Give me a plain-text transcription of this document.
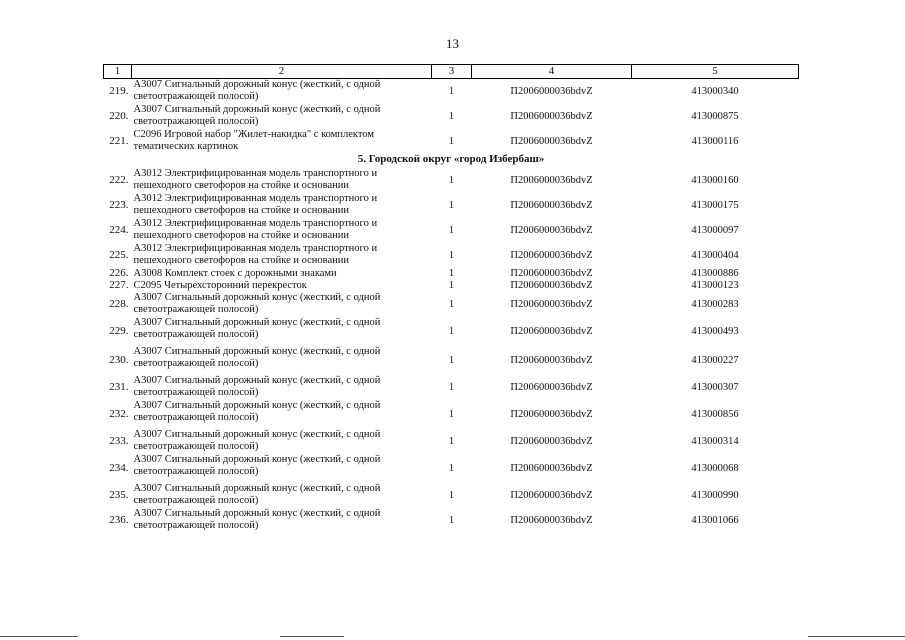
13
1	2	3	4	5
219.	А3007 Сигнальный дорожный конус (жесткий, с одной светоотражающей полосой)	1	П2006000036bdvZ	413000340
220.	А3007 Сигнальный дорожный конус (жесткий, с одной светоотражающей полосой)	1	П2006000036bdvZ	413000875
221.	С2096 Игровой набор "Жилет-накидка" с комплектом тематических картинок	1	П2006000036bdvZ	413000116
5. Городской округ «город Избербаш»				
222.	А3012 Электрифицированная модель транспортного и пешеходного светофоров на стойке и основании	1	П2006000036bdvZ	413000160
223.	А3012 Электрифицированная модель транспортного и пешеходного светофоров на стойке и основании	1	П2006000036bdvZ	413000175
224.	А3012 Электрифицированная модель транспортного и пешеходного светофоров на стойке и основании	1	П2006000036bdvZ	413000097
225.	А3012 Электрифицированная модель транспортного и пешеходного светофоров на стойке и основании	1	П2006000036bdvZ	413000404
226.	А3008 Комплект стоек с дорожными знаками	1	П2006000036bdvZ	413000886
227.	С2095 Четырехсторонний перекресток	1	П2006000036bdvZ	413000123
228.	А3007 Сигнальный дорожный конус (жесткий, с одной светоотражающей полосой)	1	П2006000036bdvZ	413000283
229.	А3007 Сигнальный дорожный конус (жесткий, с одной светоотражающей полосой)	1	П2006000036bdvZ	413000493
230.	А3007 Сигнальный дорожный конус (жесткий, с одной светоотражающей полосой)	1	П2006000036bdvZ	413000227
231.	А3007 Сигнальный дорожный конус (жесткий, с одной светоотражающей полосой)	1	П2006000036bdvZ	413000307
232.	А3007 Сигнальный дорожный конус (жесткий, с одной светоотражающей полосой)	1	П2006000036bdvZ	413000856
233.	А3007 Сигнальный дорожный конус (жесткий, с одной светоотражающей полосой)	1	П2006000036bdvZ	413000314
234.	А3007 Сигнальный дорожный конус (жесткий, с одной светоотражающей полосой)	1	П2006000036bdvZ	413000068
235.	А3007 Сигнальный дорожный конус (жесткий, с одной светоотражающей полосой)	1	П2006000036bdvZ	413000990
236.	А3007 Сигнальный дорожный конус (жесткий, с одной светоотражающей полосой)	1	П2006000036bdvZ	413001066
